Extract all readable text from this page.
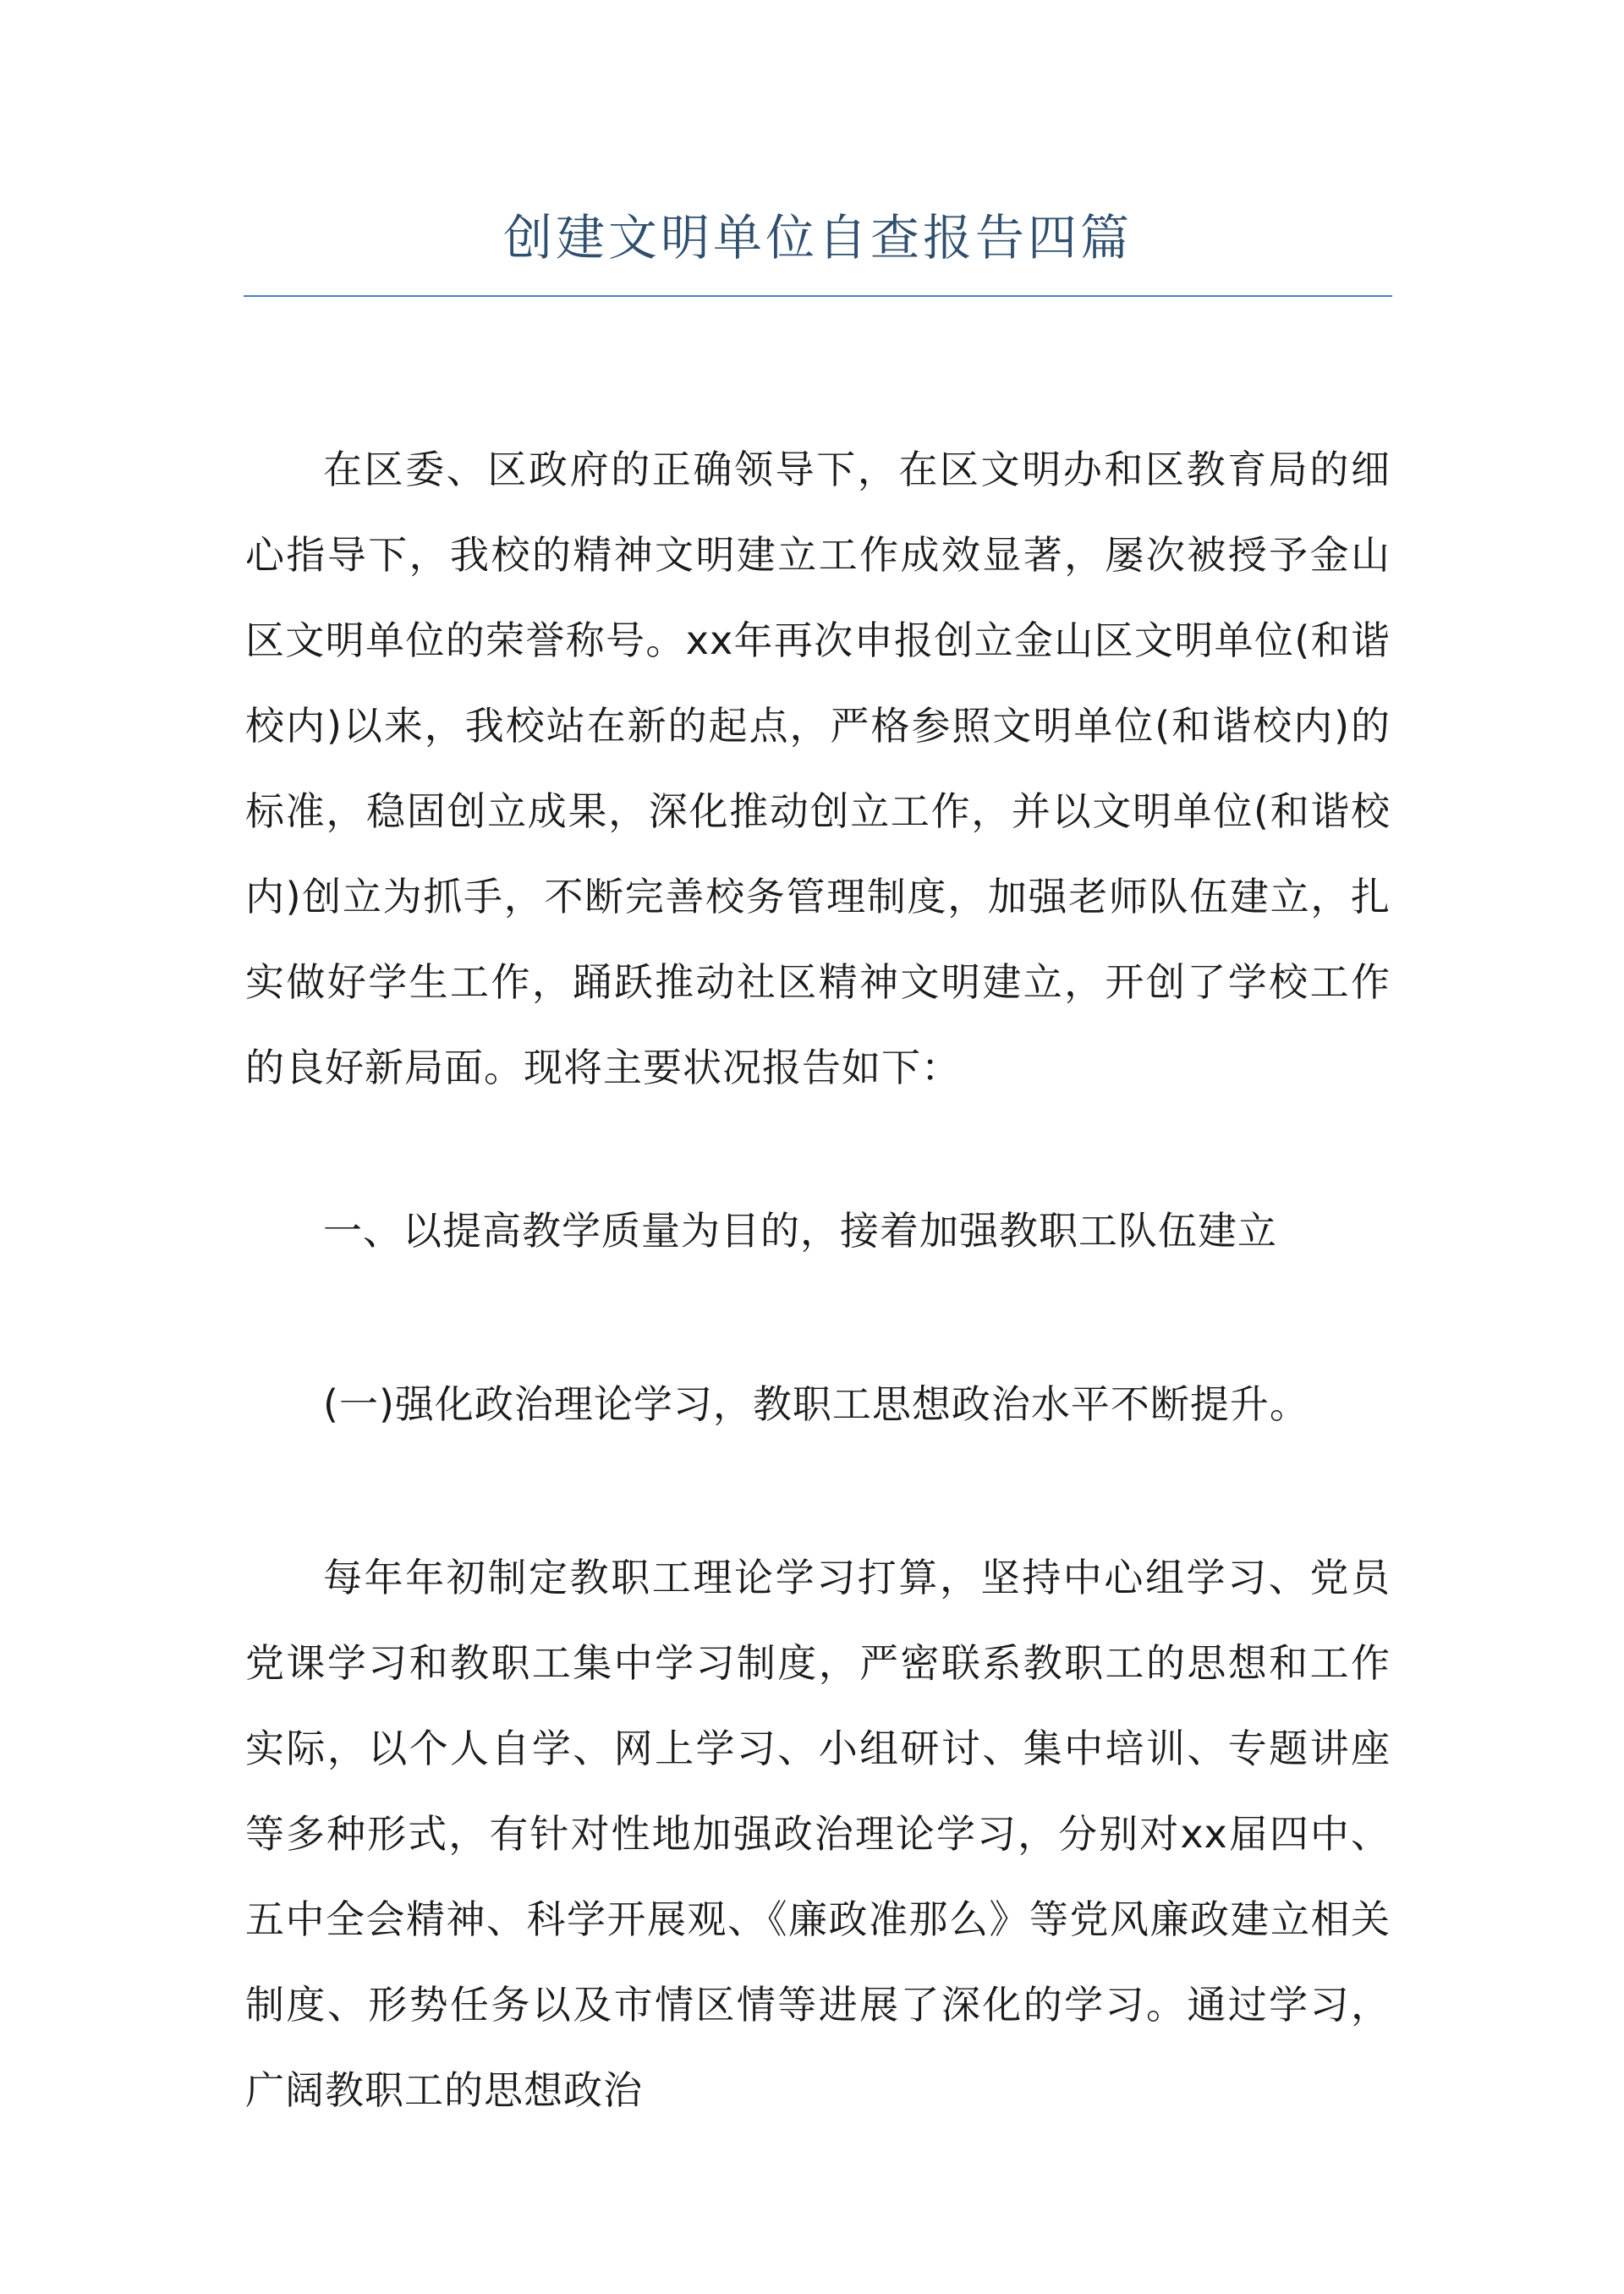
创建文明单位自查报告四篇
在区委、区政府的正确领导下，在区文明办和区教育局的细心指导下，我校的精神文明建立工作成效显著，屡次被授予金山区文明单位的荣誉称号。xx年再次申报创立金山区文明单位(和谐校内)以来，我校站在新的起点，严格参照文明单位(和谐校内)的标准，稳固创立成果，深化推动创立工作，并以文明单位(和谐校内)创立为抓手，不断完善校务管理制度，加强老师队伍建立，扎实做好学生工作，踊跃推动社区精神文明建立，开创了学校工作的良好新局面。现将主要状况报告如下：
一、以提高教学质量为目的，接着加强教职工队伍建立
(一)强化政治理论学习，教职工思想政治水平不断提升。
每年年初制定教职工理论学习打算，坚持中心组学习、党员党课学习和教职工集中学习制度，严密联系教职工的思想和工作实际，以个人自学、网上学习、小组研讨、集中培训、专题讲座等多种形式，有针对性地加强政治理论学习，分别对xx届四中、五中全会精神、科学开展观、《廉政准那么》等党风廉政建立相关制度、形势任务以及市情区情等进展了深化的学习。通过学习，广阔教职工的思想政治
